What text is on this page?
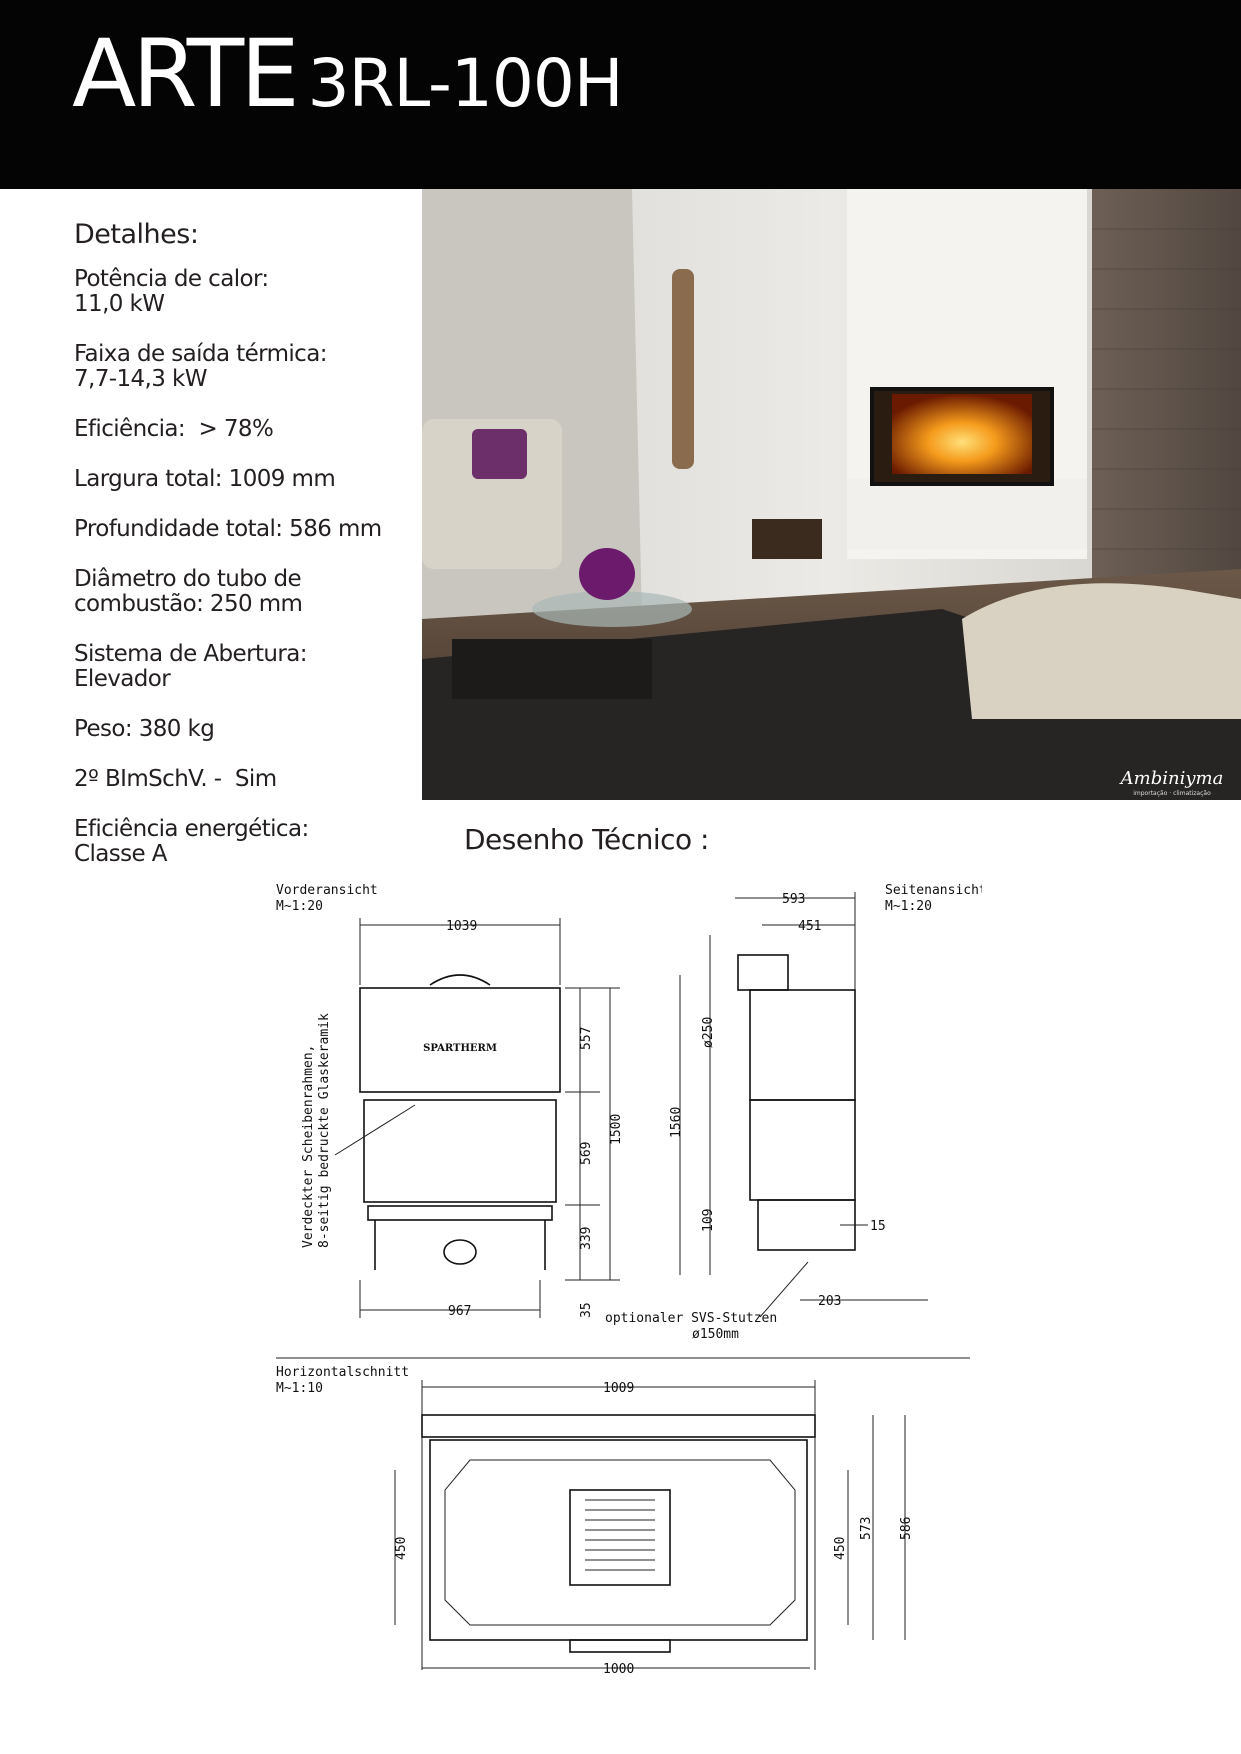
ARTE 3RL-100H
Detalhes:
Potência de calor:
11,0 kW
Faixa de saída térmica:
7,7-14,3 kW
Eficiência: > 78%
Largura total: 1009 mm
Profundidade total: 586 mm
Diâmetro do tubo de
combustão: 250 mm
Sistema de Abertura:
Elevador
Peso: 380 kg
2º BImSchV. - Sim
Eficiência energética:
Classe A
Ambiniyma
importação · climatização
Desenho Técnico :
Vorderansicht
M~1:20
1039
SPARTHERM
967
557
569
339
1500
35
Verdeckter Scheibenrahmen, 8-seitig bedruckte Glaskeramik
Seitenansicht
M~1:20
593
451
ø250
1560
109	15
203
optionaler SVS-Stutzen
ø150mm
Horizontalschnitt
M~1:10	1009
1000
450	450
573 586
